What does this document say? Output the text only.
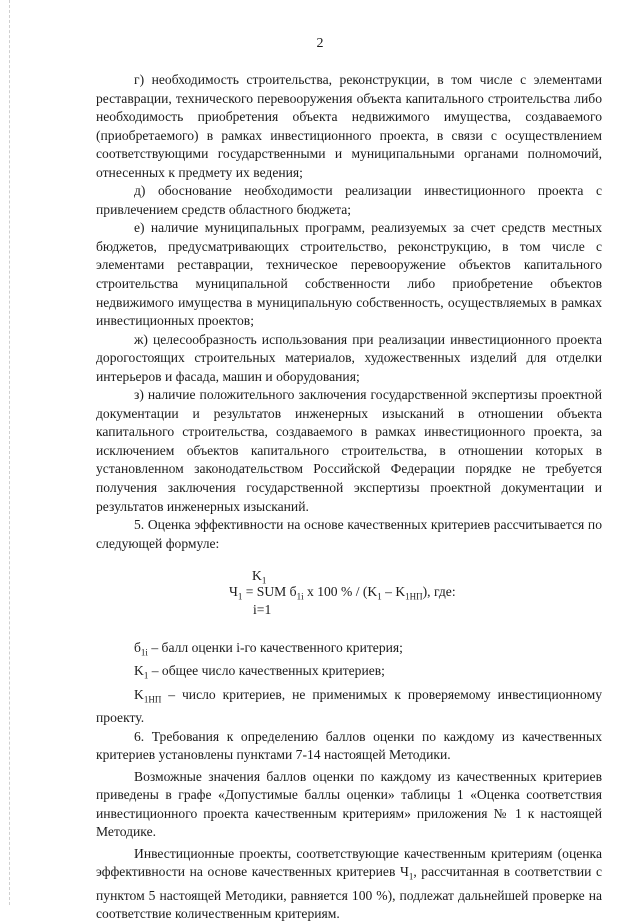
2

г) необходимость строительства, реконструкции, в том числе с элементами реставрации, технического перевооружения объекта капитального строительства либо необходимость приобретения объекта недвижимого имущества, создаваемого (приобретаемого) в рамках инвестиционного проекта, в связи с осуществлением соответствующими государственными и муниципальными органами полномочий, отнесенных к предмету их ведения;

д) обоснование необходимости реализации инвестиционного проекта с привлечением средств областного бюджета;

е) наличие муниципальных программ, реализуемых за счет средств местных бюджетов, предусматривающих строительство, реконструкцию, в том числе с элементами реставрации, техническое перевооружение объектов капитального строительства муниципальной собственности либо приобретение объектов недвижимого имущества в муниципальную собственность, осуществляемых в рамках инвестиционных проектов;

ж) целесообразность использования при реализации инвестиционного проекта дорогостоящих строительных материалов, художественных изделий для отделки интерьеров и фасада, машин и оборудования;

з) наличие положительного заключения государственной экспертизы проектной документации и результатов инженерных изысканий в отношении объекта капитального строительства, создаваемого в рамках инвестиционного проекта, за исключением объектов капитального строительства, в отношении которых в установленном законодательством Российской Федерации порядке не требуется получения заключения государственной экспертизы проектной документации и результатов инженерных изысканий.

5. Оценка эффективности на основе качественных критериев рассчитывается по следующей формуле:

$K_1$
$Ч_1$ = SUM $б_{1i}$ x 100 % / $(K_1 - K_{1НП})$, где:
i=1

$б_{1i}$ – балл оценки i-го качественного критерия;

$K_1$ – общее число качественных критериев;

$K_{1НП}$ – число критериев, не применимых к проверяемому инвестиционному проекту.

6. Требования к определению баллов оценки по каждому из качественных критериев установлены пунктами 7-14 настоящей Методики.

Возможные значения баллов оценки по каждому из качественных критериев приведены в графе «Допустимые баллы оценки» таблицы 1 «Оценка соответствия инвестиционного проекта качественным критериям» приложения № 1 к настоящей Методике.

Инвестиционные проекты, соответствующие качественным критериям (оценка эффективности на основе качественных критериев $Ч_1$, рассчитанная в соответствии с пунктом 5 настоящей Методики, равняется 100 %), подлежат дальнейшей проверке на соответствие количественным критериям.
